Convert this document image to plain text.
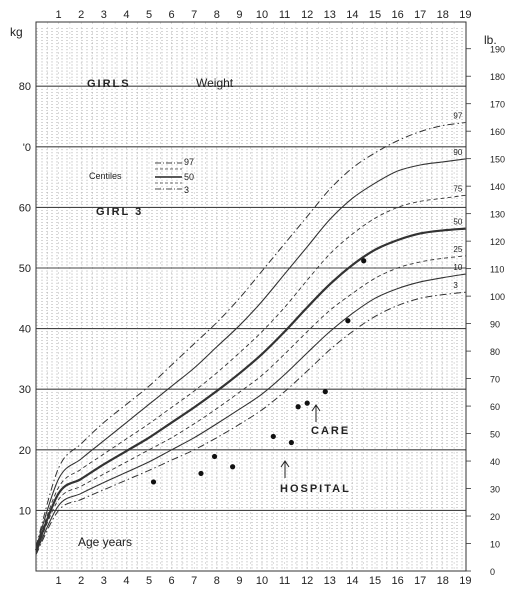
97
90
75
50
25
10
3
1
1
2
2
3
3
4
4
5
5
6
6
7
7
8
8
9
9
10
10
11
11
12
12
13
13
14
14
15
15
16
16
17
17
18
18
19
19
10
20
30
40
50
60
'0
80
0
10
20
30
40
50
60
70
80
90
100
110
120
130
140
150
160
170
180
190
kg
lb.
GIRLS	Weight
GIRL 3
Centiles
97
50
3
CARE
HOSPITAL
Age years
